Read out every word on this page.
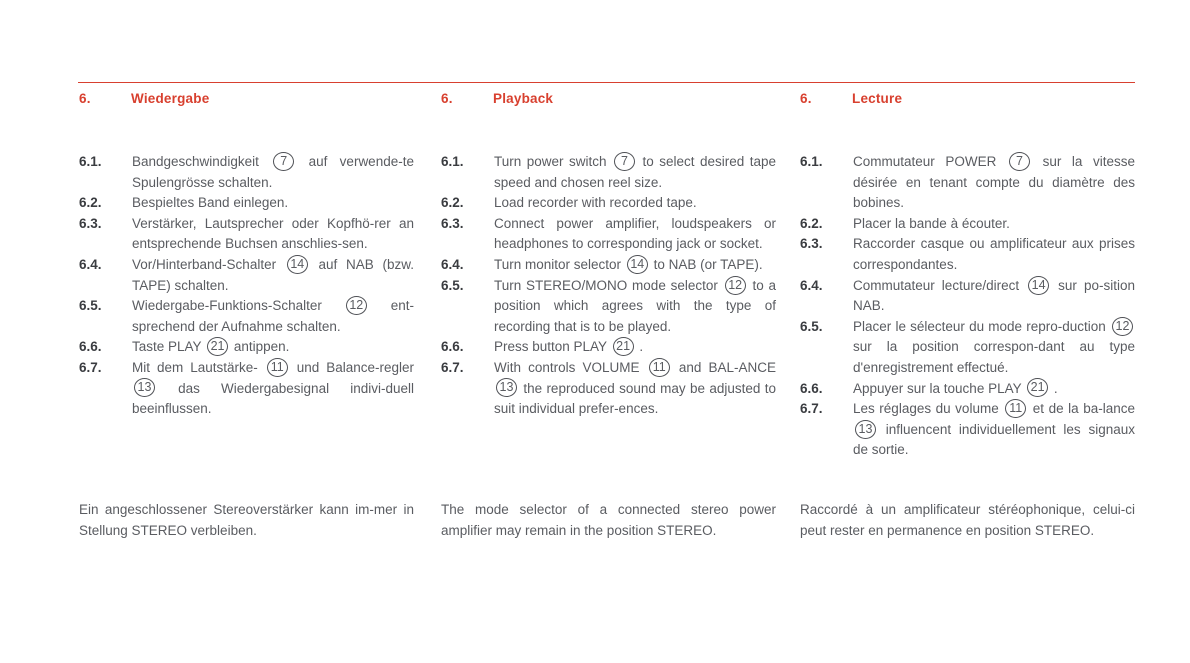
6.	Wiedergabe
6.1.	Bandgeschwindigkeit 7 auf verwende-te Spulengrösse schalten.
6.2.	Bespieltes Band einlegen.
6.3.	Verstärker, Lautsprecher oder Kopfhö-rer an entsprechende Buchsen anschlies-sen.
6.4.	Vor/Hinterband-Schalter 14 auf NAB (bzw. TAPE) schalten.
6.5.	Wiedergabe-Funktions-Schalter 12 ent-sprechend der Aufnahme schalten.
6.6.	Taste PLAY 21 antippen.
6.7.	Mit dem Lautstärke- 11 und Balance-regler 13 das Wiedergabesignal indivi-duell beeinflussen.
6.	Playback
6.1.	Turn power switch 7 to select desired tape speed and chosen reel size.
6.2.	Load recorder with recorded tape.
6.3.	Connect power amplifier, loudspeakers or headphones to corresponding jack or socket.
6.4.	Turn monitor selector 14 to NAB (or TAPE).
6.5.	Turn STEREO/MONO mode selector 12 to a position which agrees with the type of recording that is to be played.
6.6.	Press button PLAY 21 .
6.7.	With controls VOLUME 11 and BAL-ANCE 13 the reproduced sound may be adjusted to suit individual prefer-ences.
6.	Lecture
6.1.	Commutateur POWER 7 sur la vitesse désirée en tenant compte du diamètre des bobines.
6.2.	Placer la bande à écouter.
6.3.	Raccorder casque ou amplificateur aux prises correspondantes.
6.4.	Commutateur lecture/direct 14 sur po-sition NAB.
6.5.	Placer le sélecteur du mode repro-duction 12 sur la position correspon-dant au type d'enregistrement effectué.
6.6.	Appuyer sur la touche PLAY 21 .
6.7.	Les réglages du volume 11 et de la ba-lance 13 influencent individuellement les signaux de sortie.
Ein angeschlossener Stereoverstärker kann im-mer in Stellung STEREO verbleiben.
The mode selector of a connected stereo power amplifier may remain in the position STEREO.
Raccordé à un amplificateur stéréophonique, celui-ci peut rester en permanence en position STEREO.
